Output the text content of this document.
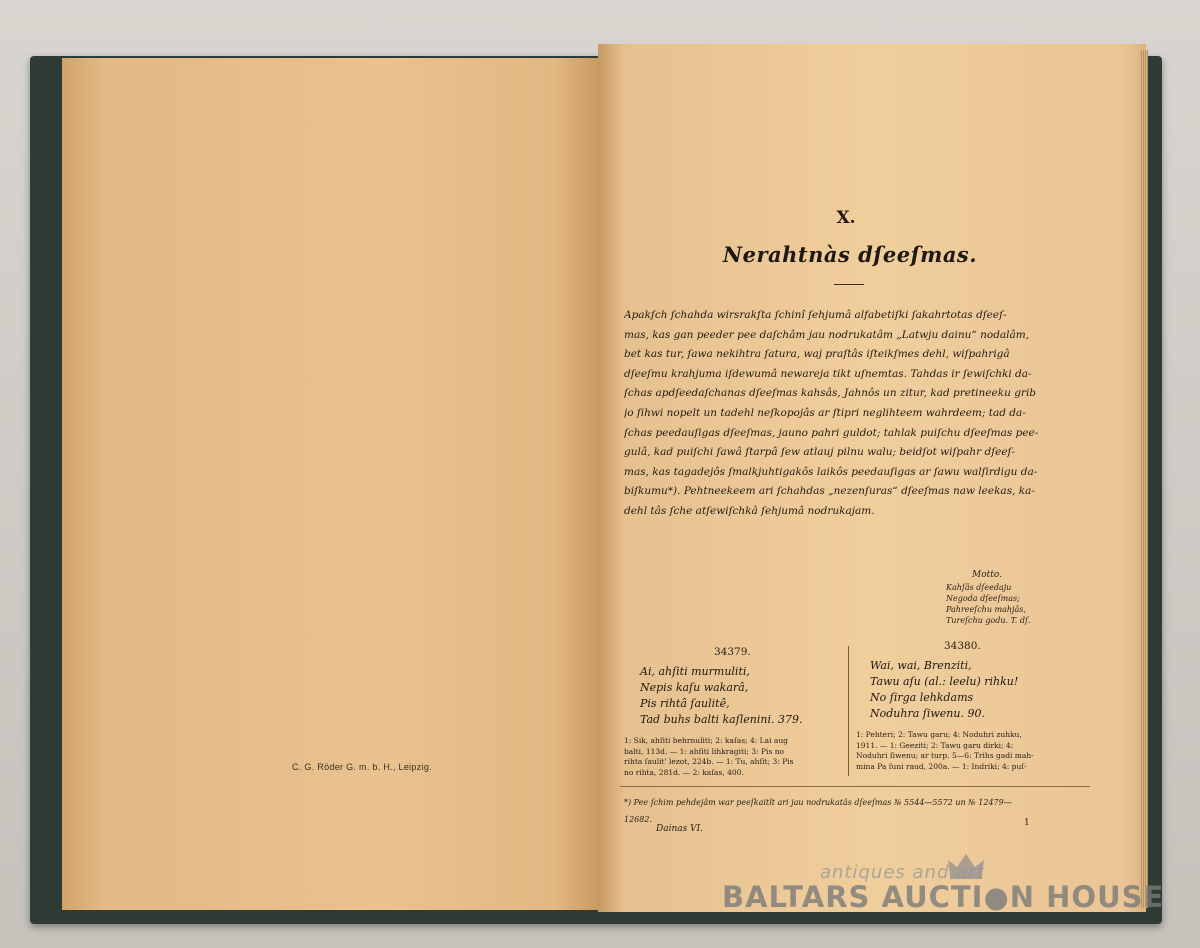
C. G. Röder G. m. b. H., Leipzig.
X.
Nerahtnàs dſeeſmas.
Apakſch ſchahda wirsrakſta ſchinî ſehjumâ alfabetiſki ſakahrtotas dſeeſ-
mas, kas gan peeder pee daſchâm jau nodrukatâm „Latwju dainu“ nodalâm,
bet kas tur, ſawa nekihtra ſatura, waj praſtâs iſteikſmes dehl, wiſpahrigâ
dſeeſmu krahjuma iſdewumâ newareja tikt uſnemtas. Tahdas ir ſewiſchki da-
ſchas apdſeedaſchanas dſeeſmas kahsâs, Jahnôs un zitur, kad pretineeku grib
jo ſihwi nopelt un tadehl neſkopojâs ar ſtipri neglihteem wahrdeem; tad da-
ſchas peedauſigas dſeeſmas, jauno pahri guldot; tahlak puiſchu dſeeſmas pee-
gulâ, kad puiſchi ſawâ ſtarpâ ſew atlauj pilnu walu; beidſot wiſpahr dſeeſ-
mas, kas tagadejôs ſmalkjuhtigakôs laikôs peedauſigas ar ſawu walſirdigu da-
biſkumu*). Pehtneekeem ari ſchahdas „nezenſuras“ dſeeſmas naw leekas, ka-
dehl tâs ſche atſewiſchkâ ſehjumâ nodrukajam.
Motto.
Kahſâs dſeedaju
Negoda dſeeſmas;
Pahreeſchu mahjâs,
Tureſchu godu. T. dſ.
34379.
Ai, ahſiti murmuliti,
Nepis kaſu wakarâ,
Pis rihtâ ſaulitê,
Tad buhs balti kaſlenini. 379.
1: Sik, ahſiti behrnuliti; 2: kaſas; 4: Lai aug
balti, 113d. — 1: ahſiti lihkragiti; 3: Pis no
rihta ſaulit' lezot, 224b. — 1: Tu, ahſit; 3: Pis
no rihta, 281d. — 2: kaſas, 400.
34380.
Wai, wai, Brenziti,
Tawu aſu (al.: leelu) rihku!
No ſirga lehkdams
Noduhra ſiwenu. 90.
1: Pehteri; 2: Tawu garu; 4: Noduhri zuhku,
1911. — 1: Geeziti; 2: Tawu garu dirki; 4:
Noduhri ſiwenu; ar turp. 5—6: Trihs gadi mah-
mina Pa ſuni raud, 200a. — 1: Indriki; 4: puſ-
*) Pee ſchim pehdejâm war peeſkaitît ari jau nodrukatâs dſeeſmas № 5544—5572 un № 12479—
12682.
Dainas VI.
1
antiques and art
BALTARS AUCTI●N HOUSE
